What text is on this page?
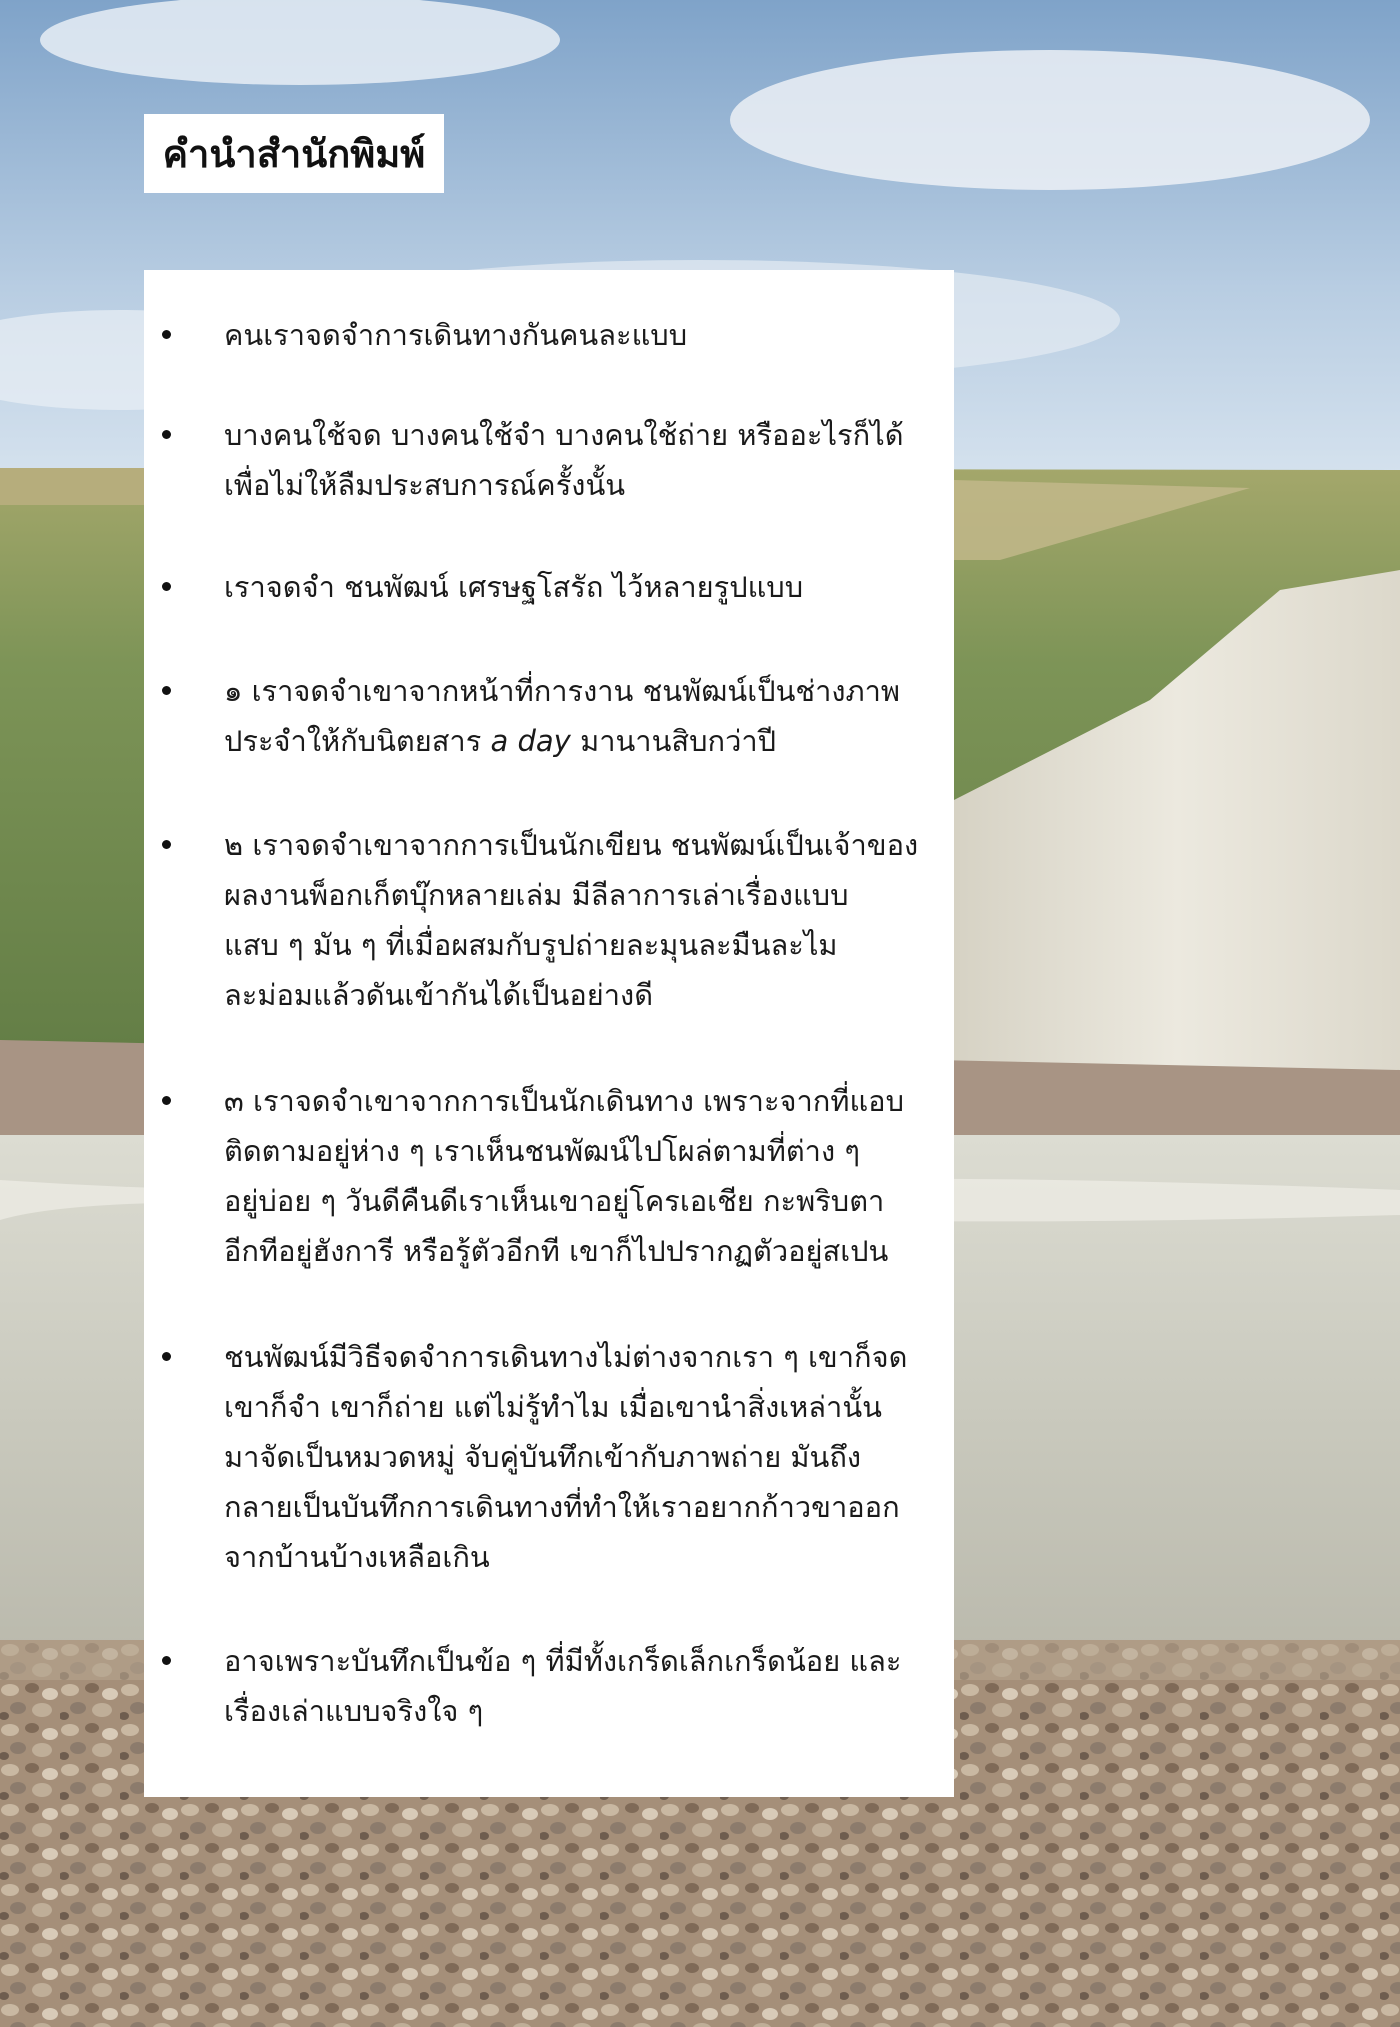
คำนำสำนักพิมพ์
คนเราจดจำการเดินทางกันคนละแบบ
บางคนใช้จด บางคนใช้จำ บางคนใช้ถ่าย หรืออะไรก็ได้
เพื่อไม่ให้ลืมประสบการณ์ครั้งนั้น
เราจดจำ ชนพัฒน์ เศรษฐโสรัถ ไว้หลายรูปแบบ
๑ เราจดจำเขาจากหน้าที่การงาน ชนพัฒน์เป็นช่างภาพ
ประจำให้กับนิตยสาร a day มานานสิบกว่าปี
๒ เราจดจำเขาจากการเป็นนักเขียน ชนพัฒน์เป็นเจ้าของ
ผลงานพ็อกเก็ตบุ๊กหลายเล่ม มีลีลาการเล่าเรื่องแบบ
แสบ ๆ มัน ๆ ที่เมื่อผสมกับรูปถ่ายละมุนละมืนละไม
ละม่อมแล้วดันเข้ากันได้เป็นอย่างดี
๓ เราจดจำเขาจากการเป็นนักเดินทาง เพราะจากที่แอบ
ติดตามอยู่ห่าง ๆ เราเห็นชนพัฒน์ไปโผล่ตามที่ต่าง ๆ
อยู่บ่อย ๆ วันดีคืนดีเราเห็นเขาอยู่โครเอเชีย กะพริบตา
อีกทีอยู่ฮังการี หรือรู้ตัวอีกที เขาก็ไปปรากฏตัวอยู่สเปน
ชนพัฒน์มีวิธีจดจำการเดินทางไม่ต่างจากเรา ๆ เขาก็จด
เขาก็จำ เขาก็ถ่าย แต่ไม่รู้ทำไม เมื่อเขานำสิ่งเหล่านั้น
มาจัดเป็นหมวดหมู่ จับคู่บันทึกเข้ากับภาพถ่าย มันถึง
กลายเป็นบันทึกการเดินทางที่ทำให้เราอยากก้าวขาออก
จากบ้านบ้างเหลือเกิน
อาจเพราะบันทึกเป็นข้อ ๆ ที่มีทั้งเกร็ดเล็กเกร็ดน้อย และ
เรื่องเล่าแบบจริงใจ ๆ
